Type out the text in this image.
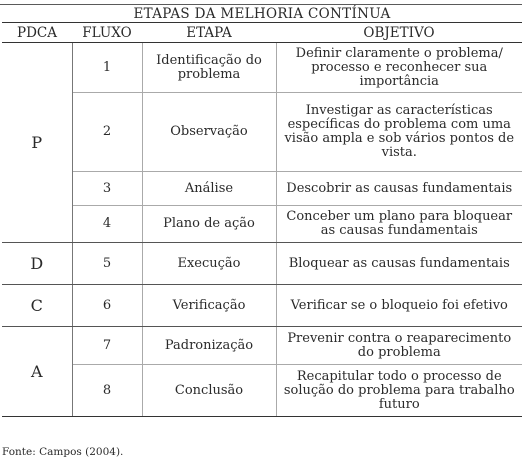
ETAPAS DA MELHORIA CONTÍNUA			
PDCA	FLUXO	ETAPA	OBJETIVO
P	1	Identificação do problema	Definir claramente o problema/ processo e reconhecer sua importância
	2	Observação	Investigar as características específicas do problema com uma visão ampla e sob vários pontos de vista.
	3	Análise	Descobrir as causas fundamentais
	4	Plano de ação	Conceber um plano para bloquear as causas fundamentais
D	5	Execução	Bloquear as causas fundamentais
C	6	Verificação	Verificar se o bloqueio foi efetivo
A	7	Padronização	Prevenir contra o reaparecimento do problema
	8	Conclusão	Recapitular todo o processo de solução do problema para trabalho futuro
Fonte: Campos (2004).
